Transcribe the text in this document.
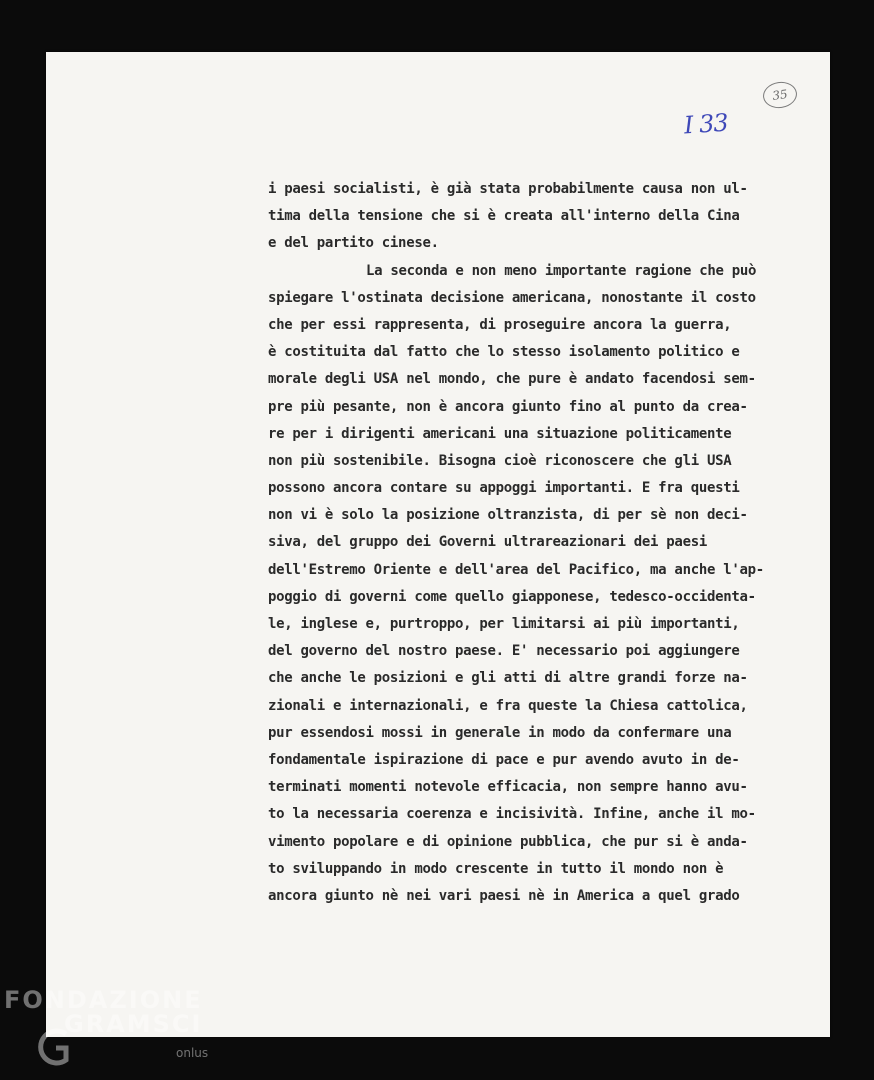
35
I 33
i paesi socialisti, è già stata probabilmente causa non ul-
tima della tensione che si è creata all'interno della Cina
e del partito cinese.
La seconda e non meno importante ragione che può
spiegare l'ostinata decisione americana, nonostante il costo
che per essi rappresenta, di proseguire ancora la guerra,
è costituita dal fatto che lo stesso isolamento politico e
morale degli USA nel mondo, che pure è andato facendosi sem-
pre più pesante, non è ancora giunto fino al punto da crea-
re per i dirigenti americani una situazione politicamente
non più sostenibile. Bisogna cioè riconoscere che gli USA
possono ancora contare su appoggi importanti. E fra questi
non vi è solo la posizione oltranzista, di per sè non deci-
siva, del gruppo dei Governi ultrareazionari dei paesi
dell'Estremo Oriente e dell'area del Pacifico, ma anche l'ap-
poggio di governi come quello giapponese, tedesco-occidenta-
le, inglese e, purtroppo, per limitarsi ai più importanti,
del governo del nostro paese. E' necessario poi aggiungere
che anche le posizioni e gli atti di altre grandi forze na-
zionali e internazionali, e fra queste la Chiesa cattolica,
pur essendosi mossi in generale in modo da confermare una
fondamentale ispirazione di pace e pur avendo avuto in de-
terminati momenti notevole efficacia, non sempre hanno avu-
to la necessaria coerenza e incisività. Infine, anche il mo-
vimento popolare e di opinione pubblica, che pur si è anda-
to sviluppando in modo crescente in tutto il mondo non è
ancora giunto nè nei vari paesi nè in America a quel grado
FONDAZIONE
GRAMSCI
onlus
